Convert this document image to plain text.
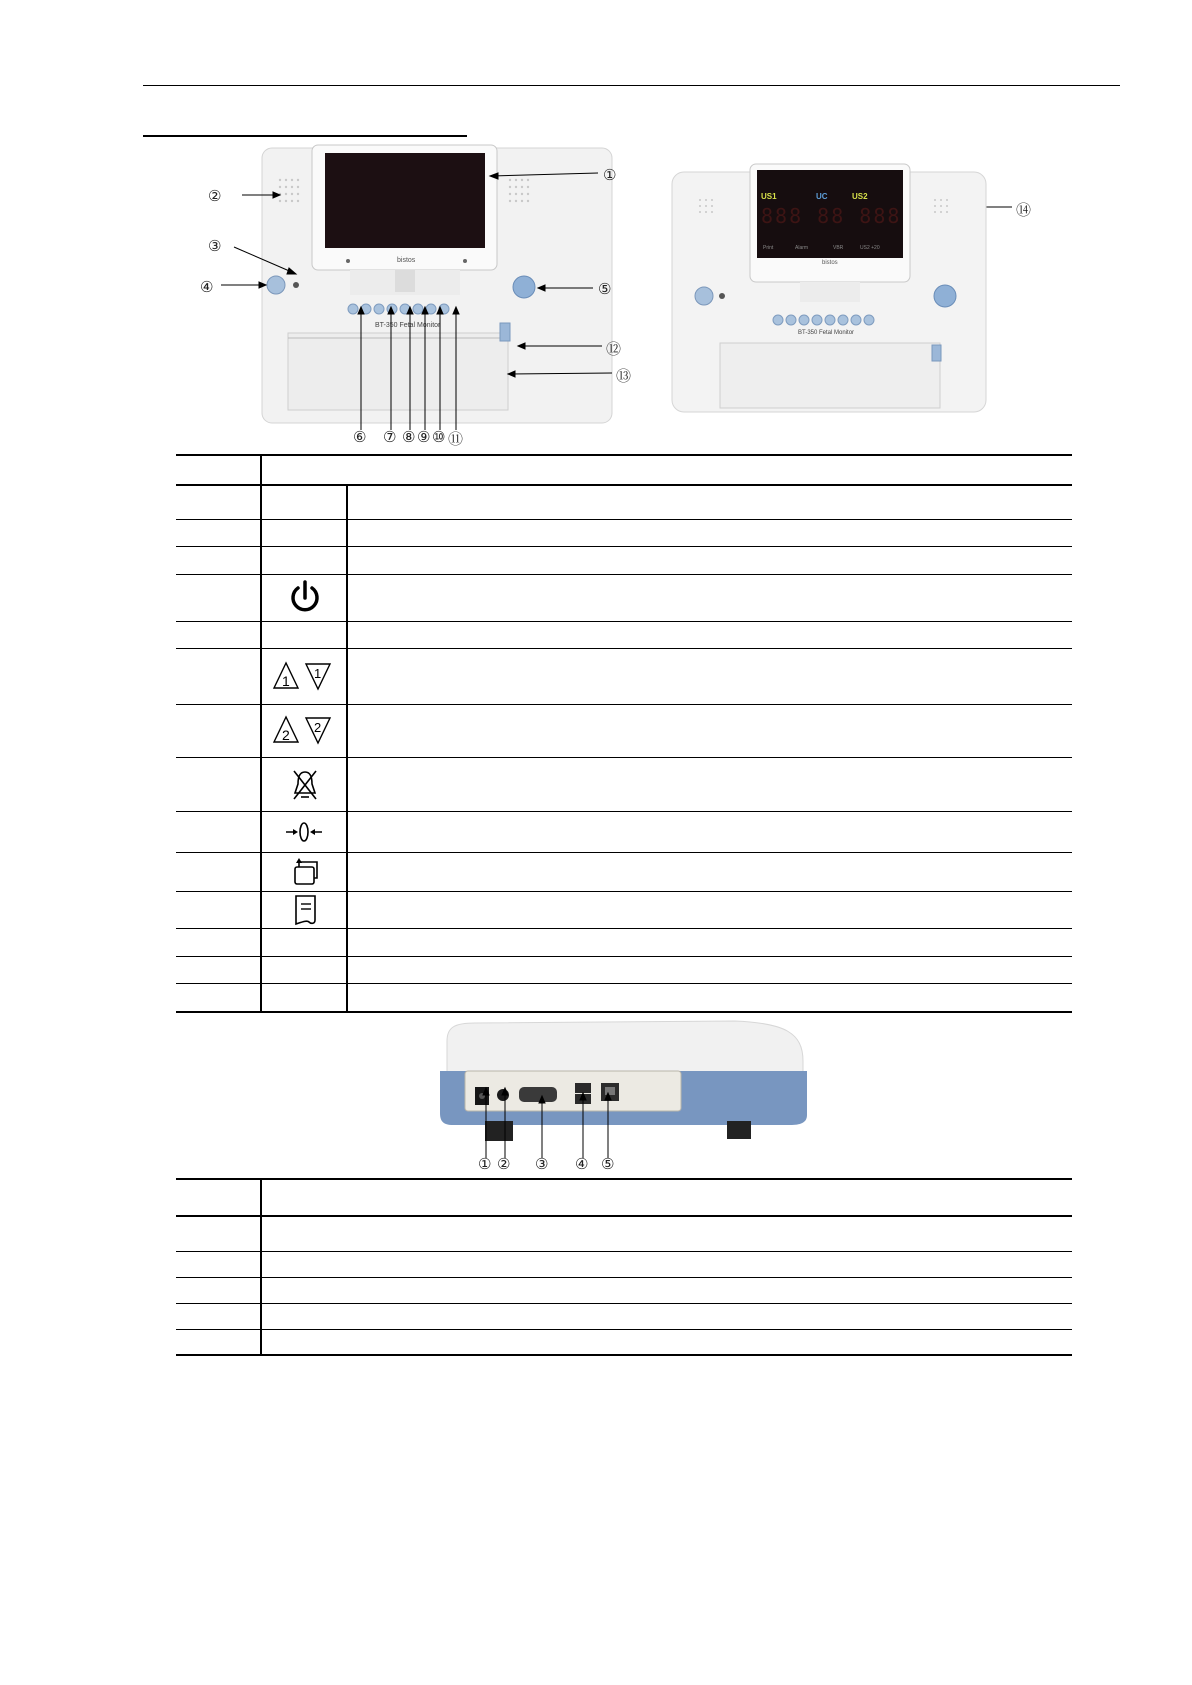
bistos
BT-350 Fetal Monitor
①
②
③
④	⑤
⑫
⑬
⑥ ⑦ ⑧ ⑨ ⑩ ⑪
⑭
US1	UC	US2
888 88 888
Print	Alarm	VBR	US2 +20
bistos
BT-350 Fetal Monitor
1 1
2 2
① ② ③ ④ ⑤
